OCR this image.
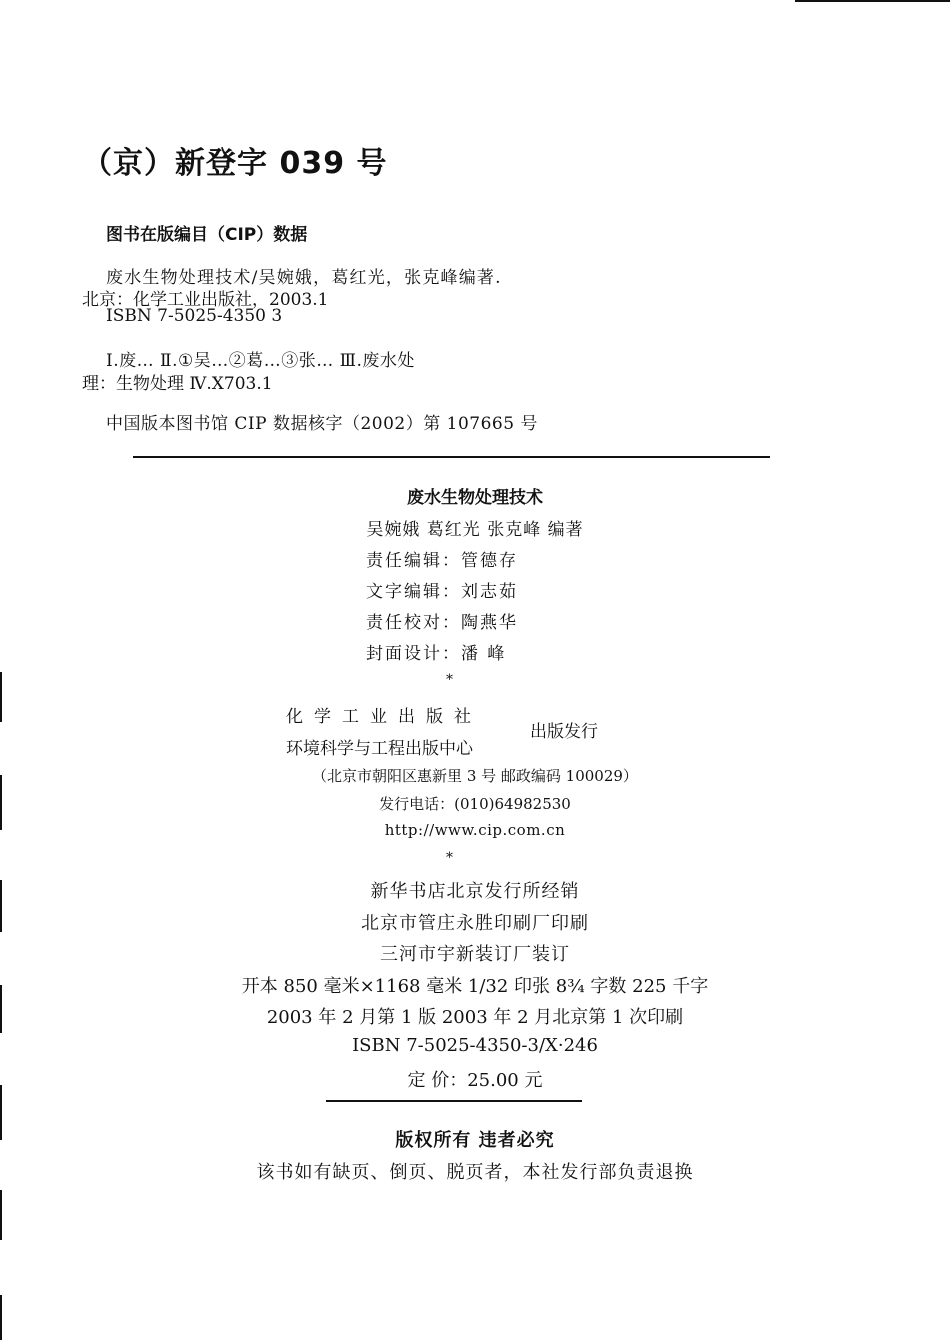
（京）新登字 039 号
图书在版编目（CIP）数据
废水生物处理技术/吴婉娥，葛红光，张克峰编著.
北京：化学工业出版社，2003.1
ISBN 7-5025-4350 3
Ⅰ.废… Ⅱ.①吴…②葛…③张… Ⅲ.废水处
理：生物处理 Ⅳ.X703.1
中国版本图书馆 CIP 数据核字（2002）第 107665 号
废水生物处理技术
吴婉娥 葛红光 张克峰 编著
责任编辑：管德存
文字编辑：刘志茹
责任校对：陶燕华
封面设计：潘 峰
*
化学工业出版社
环境科学与工程出版中心
出版发行
（北京市朝阳区惠新里 3 号 邮政编码 100029）
发行电话：(010)64982530
http://www.cip.com.cn
*
新华书店北京发行所经销
北京市管庄永胜印刷厂印刷
三河市宇新装订厂装订
开本 850 毫米×1168 毫米 1/32 印张 8¾ 字数 225 千字
2003 年 2 月第 1 版 2003 年 2 月北京第 1 次印刷
ISBN 7-5025-4350-3/X·246
定 价：25.00 元
版权所有 违者必究
该书如有缺页、倒页、脱页者，本社发行部负责退换
